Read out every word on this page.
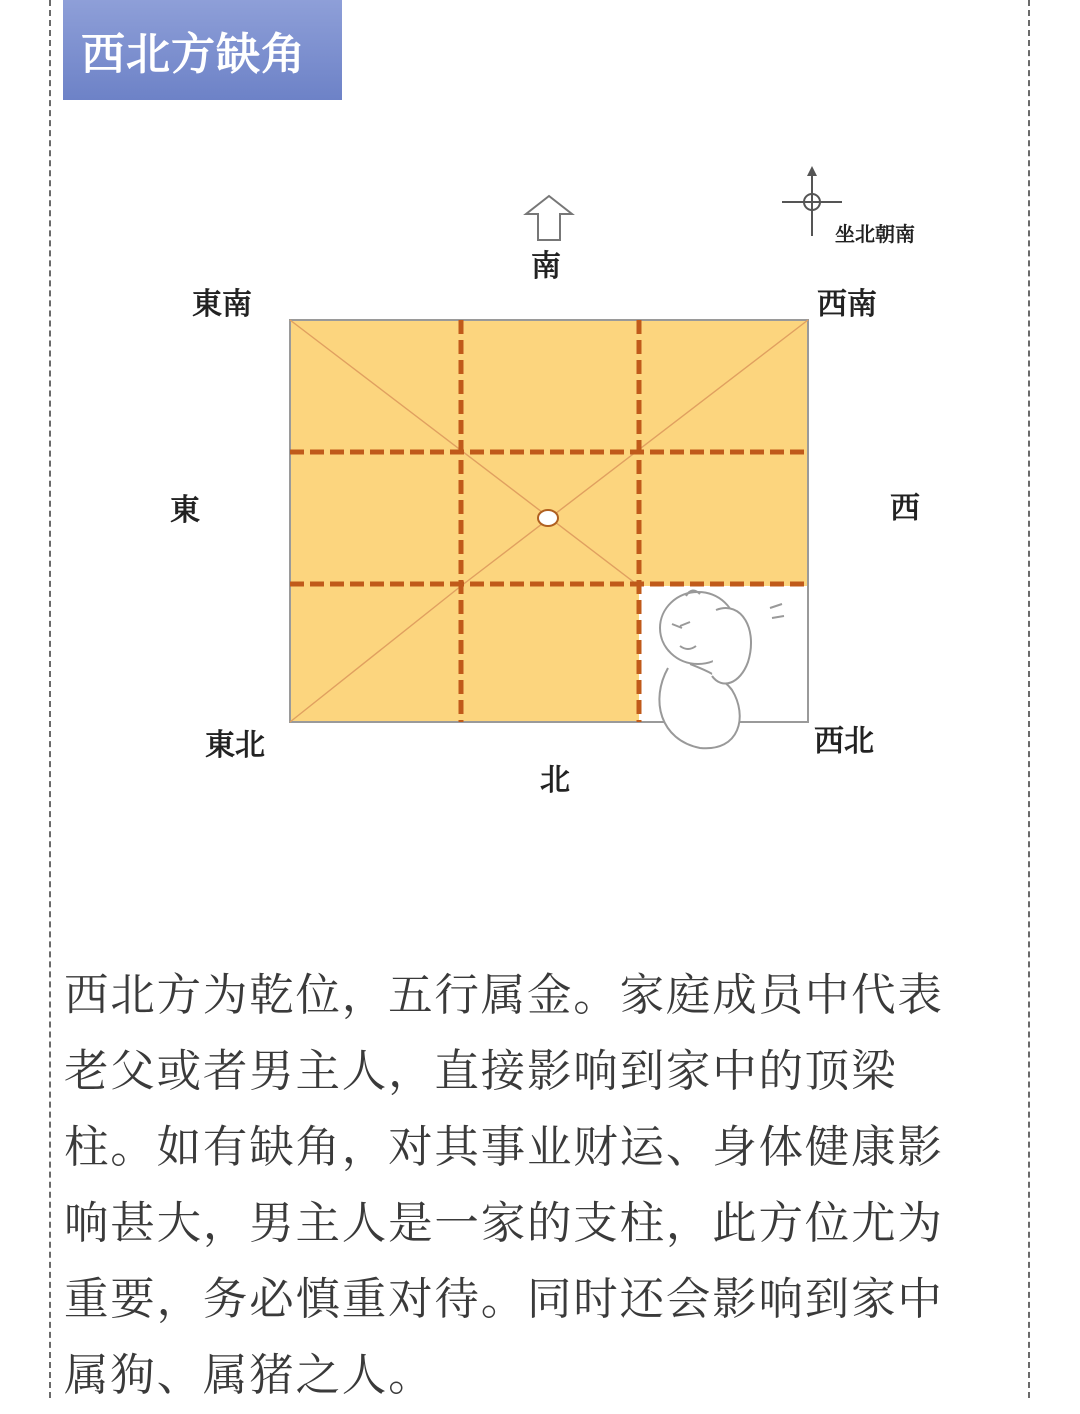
西北方缺角
坐北朝南
南
東南	西南
東	西
東北	西北
北

西北方为乾位，五行属金。家庭成员中代表
老父或者男主人，直接影响到家中的顶梁
柱。如有缺角，对其事业财运、身体健康影
响甚大，男主人是一家的支柱，此方位尤为
重要，务必慎重对待。同时还会影响到家中
属狗、属猪之人。
